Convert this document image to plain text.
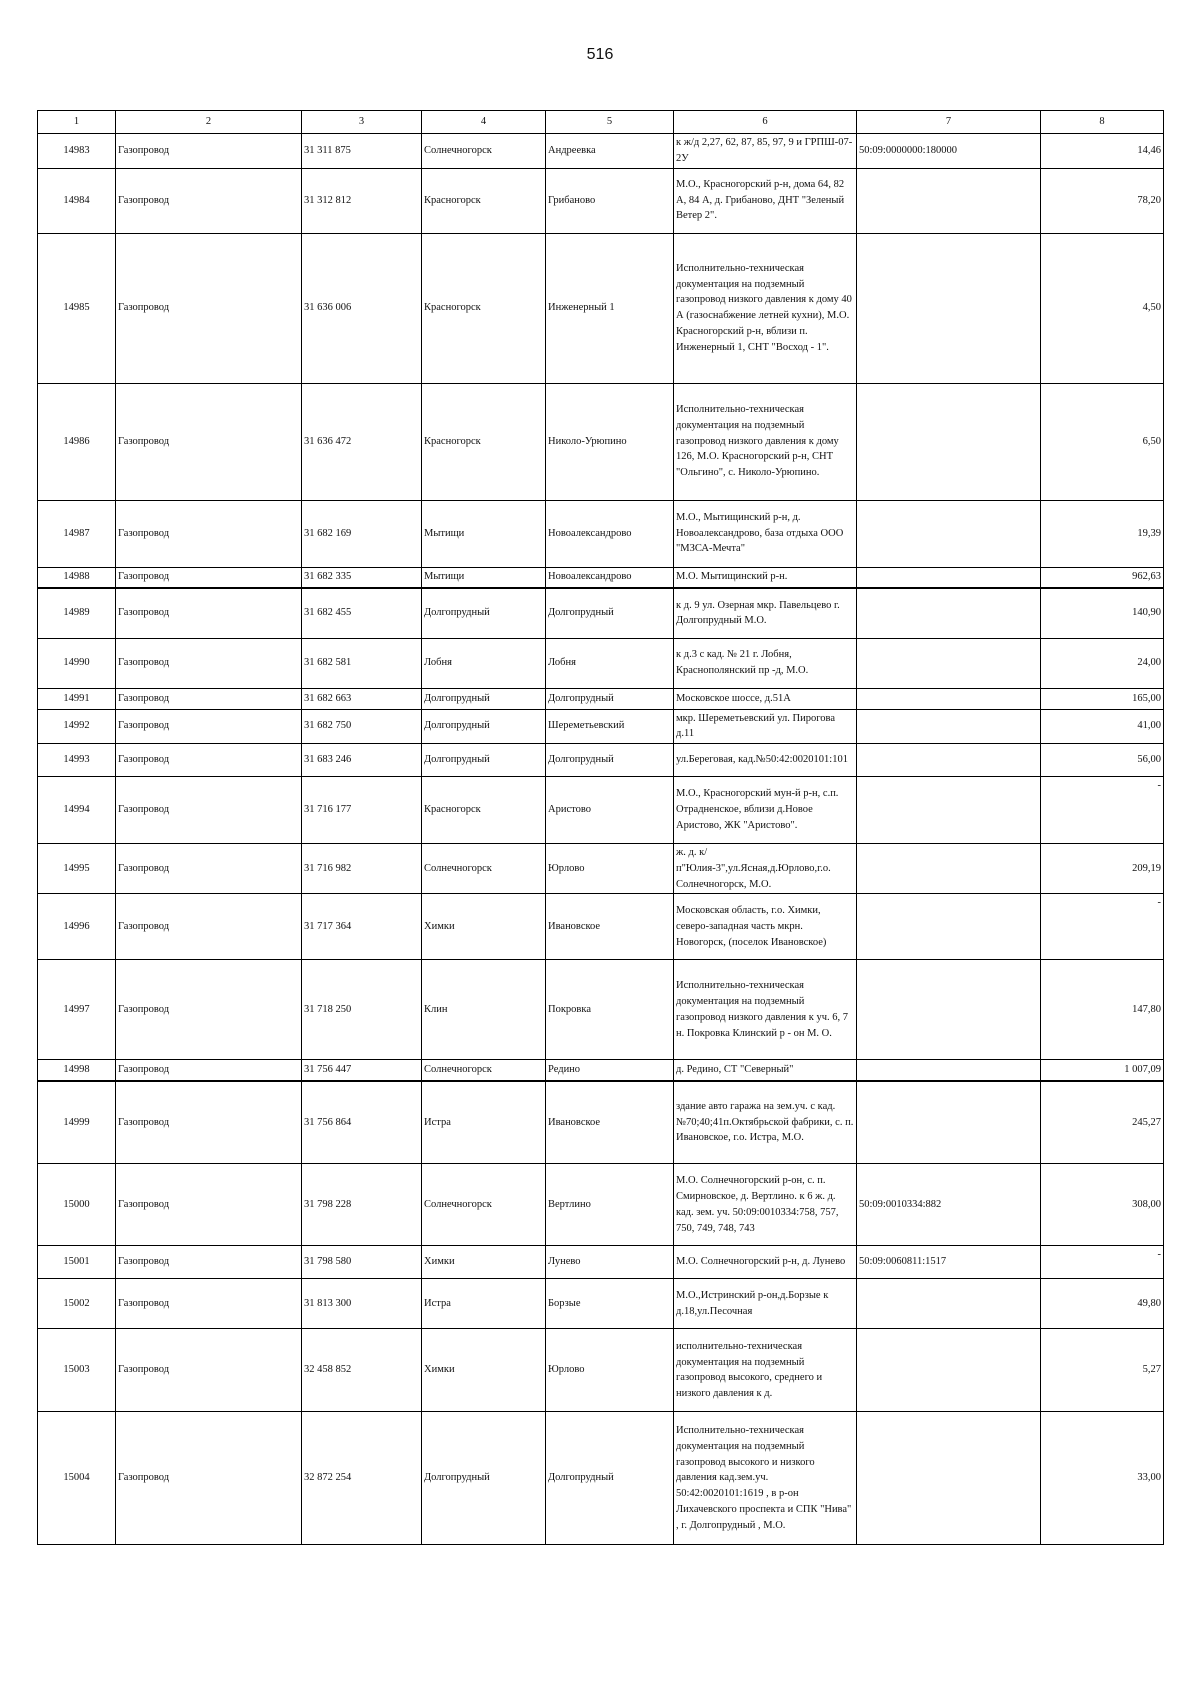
516
1	2	3	4	5	6	7	8
14983	Газопровод	31 311 875	Солнечногорск	Андреевка	к ж/д 2,27, 62, 87, 85, 97, 9 и ГРПШ-07-2У	50:09:0000000:180000	14,46
14984	Газопровод	31 312 812	Красногорск	Грибаново	М.О., Красногорский р-н, дома 64, 82 А, 84 А, д. Грибаново, ДНТ "Зеленый Ветер 2".		78,20
14985	Газопровод	31 636 006	Красногорск	Инженерный 1	Исполнительно-техническая документация на подземный газопровод низкого давления к дому 40 А (газоснабжение летней кухни), М.О. Красногорский р-н, вблизи п. Инженерный 1, СНТ "Восход - 1".		4,50
14986	Газопровод	31 636 472	Красногорск	Николо-Урюпино	Исполнительно-техническая документация на подземный газопровод низкого давления к дому 126, М.О. Красногорский р-н, СНТ "Ольгино", с. Николо-Урюпино.		6,50
14987	Газопровод	31 682 169	Мытищи	Новоалександрово	М.О., Мытищинский р-н, д. Новоалександрово, база отдыха ООО "МЗСА-Мечта"		19,39
14988	Газопровод	31 682 335	Мытищи	Новоалександрово	М.О. Мытищинский р-н.		962,63
14989	Газопровод	31 682 455	Долгопрудный	Долгопрудный	к д. 9 ул. Озерная мкр. Павельцево г. Долгопрудный М.О.		140,90
14990	Газопровод	31 682 581	Лобня	Лобня	к д.3 с кад. № 21 г. Лобня, Краснополянский пр -д, М.О.		24,00
14991	Газопровод	31 682 663	Долгопрудный	Долгопрудный	Московское шоссе, д.51А		165,00
14992	Газопровод	31 682 750	Долгопрудный	Шереметьевский	мкр. Шереметьевский ул. Пирогова д.11		41,00
14993	Газопровод	31 683 246	Долгопрудный	Долгопрудный	ул.Береговая, кад.№50:42:0020101:101		56,00
14994	Газопровод	31 716 177	Красногорск	Аристово	М.О., Красногорский мун-й р-н, с.п. Отрадненское, вблизи д.Новое Аристово, ЖК "Аристово".		-
14995	Газопровод	31 716 982	Солнечногорск	Юрлово	ж. д. к/п"Юлия-3",ул.Ясная,д.Юрлово,г.о. Солнечногорск, М.О.		209,19
14996	Газопровод	31 717 364	Химки	Ивановское	Московская область, г.о. Химки, северо-западная часть мкрн. Новогорск, (поселок Ивановское)		-
14997	Газопровод	31 718 250	Клин	Покровка	Исполнительно-техническая документация на подземный газопровод низкого давления к уч. 6, 7 н. Покровка Клинский р - он М. О.		147,80
14998	Газопровод	31 756 447	Солнечногорск	Редино	д. Редино, СТ "Северный"		1 007,09
14999	Газопровод	31 756 864	Истра	Ивановское	здание авто гаража на зем.уч. с кад.№70;40;41п.Октябрьской фабрики, с. п. Ивановское, г.о. Истра, М.О.		245,27
15000	Газопровод	31 798 228	Солнечногорск	Вертлино	М.О. Солнечногорский р-он, с. п. Смирновское, д. Вертлино. к 6 ж. д. кад. зем. уч. 50:09:0010334:758, 757, 750, 749, 748, 743	50:09:0010334:882	308,00
15001	Газопровод	31 798 580	Химки	Лунево	М.О. Солнечногорский р-н, д. Лунево	50:09:0060811:1517	-
15002	Газопровод	31 813 300	Истра	Борзые	М.О.,Истринский р-он,д.Борзые к д.18,ул.Песочная		49,80
15003	Газопровод	32 458 852	Химки	Юрлово	исполнительно-техническая документация на подземный газопровод высокого, среднего и низкого давления к д.		5,27
15004	Газопровод	32 872 254	Долгопрудный	Долгопрудный	Исполнительно-техническая документация на подземный газопровод высокого и низкого давления кад.зем.уч. 50:42:0020101:1619 , в р-он Лихачевского проспекта и СПК "Нива" , г. Долгопрудный , М.О.		33,00
